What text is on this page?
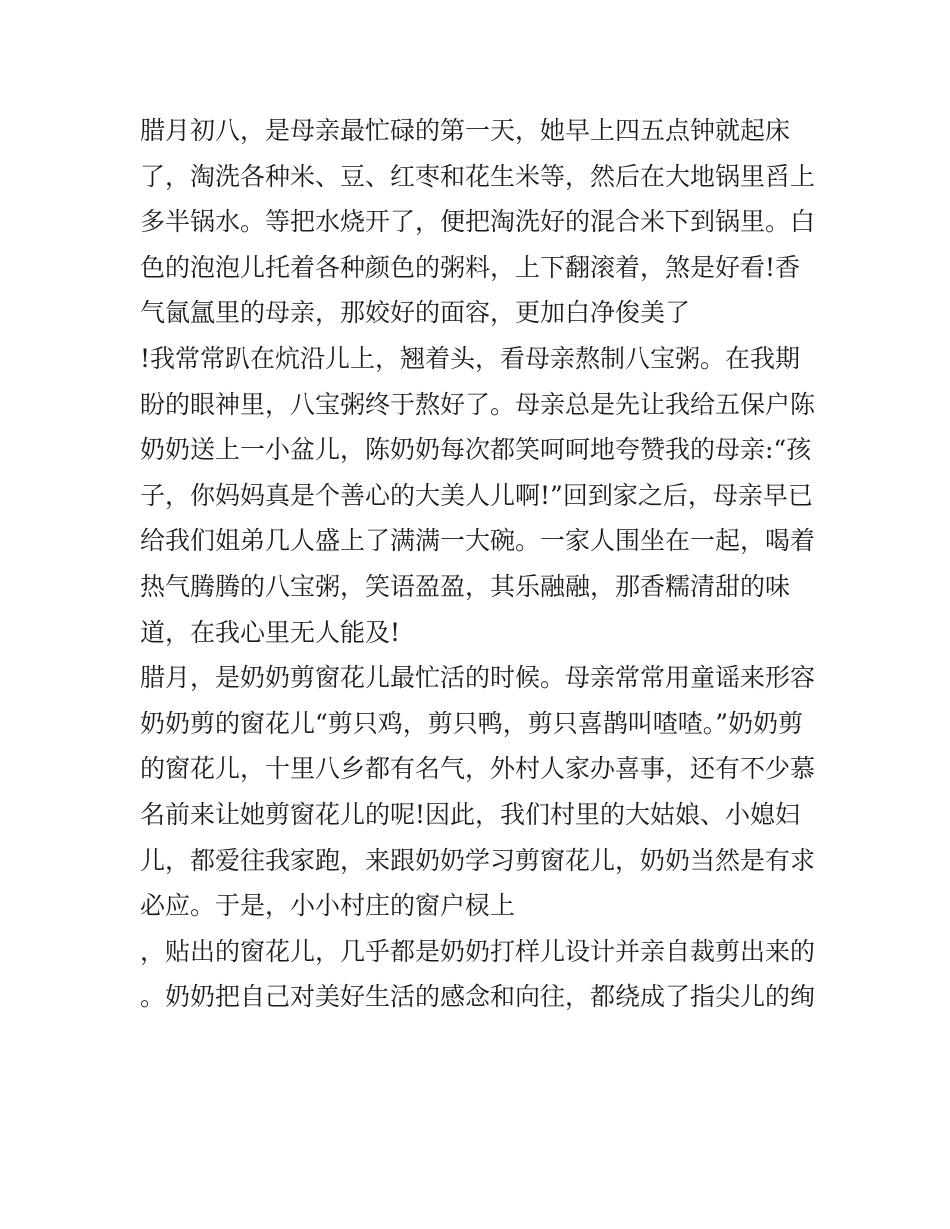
腊月初八，是母亲最忙碌的第一天，她早上四五点钟就起床
了，淘洗各种米、豆、红枣和花生米等，然后在大地锅里舀上
多半锅水。等把水烧开了，便把淘洗好的混合米下到锅里。白
色的泡泡儿托着各种颜色的粥料，上下翻滚着，煞是好看!香
气氤氲里的母亲，那姣好的面容，更加白净俊美了
!我常常趴在炕沿儿上，翘着头，看母亲熬制八宝粥。在我期
盼的眼神里，八宝粥终于熬好了。母亲总是先让我给五保户陈
奶奶送上一小盆儿，陈奶奶每次都笑呵呵地夸赞我的母亲:“孩
子，你妈妈真是个善心的大美人儿啊!”回到家之后，母亲早已
给我们姐弟几人盛上了满满一大碗。一家人围坐在一起，喝着
热气腾腾的八宝粥，笑语盈盈，其乐融融，那香糯清甜的味
道，在我心里无人能及!
腊月，是奶奶剪窗花儿最忙活的时候。母亲常常用童谣来形容
奶奶剪的窗花儿“剪只鸡，剪只鸭，剪只喜鹊叫喳喳。”奶奶剪
的窗花儿，十里八乡都有名气，外村人家办喜事，还有不少慕
名前来让她剪窗花儿的呢!因此，我们村里的大姑娘、小媳妇
儿，都爱往我家跑，来跟奶奶学习剪窗花儿，奶奶当然是有求
必应。于是，小小村庄的窗户棂上
，贴出的窗花儿，几乎都是奶奶打样儿设计并亲自裁剪出来的
。奶奶把自己对美好生活的感念和向往，都绕成了指尖儿的绚
